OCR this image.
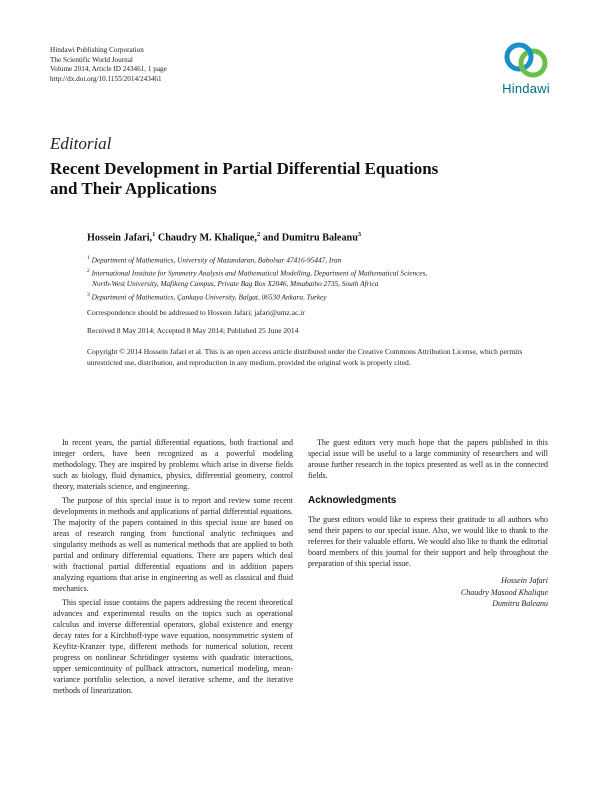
Hindawi Publishing Corporation
The Scientific World Journal
Volume 2014, Article ID 243461, 1 page
http://dx.doi.org/10.1155/2014/243461
Hindawi
Editorial
Recent Development in Partial Differential Equations
and Their Applications
Hossein Jafari,$^1$ Chaudry M. Khalique,$^2$ and Dumitru Baleanu$^3$
$^1$ Department of Mathematics, University of Mazandaran, Babolsar 47416-95447, Iran
$^2$ International Institute for Symmetry Analysis and Mathematical Modelling, Department of Mathematical Sciences,
North-West University, Mafikeng Campus, Private Bag Box X2046, Mmabatho 2735, South Africa
$^3$ Department of Mathematics, Çankaya University, Balgat, 06530 Ankara, Turkey
Correspondence should be addressed to Hossein Jafari; jafari@umz.ac.ir
Received 8 May 2014; Accepted 8 May 2014; Published 25 June 2014
Copyright © 2014 Hossein Jafari et al. This is an open access article distributed under the Creative Commons Attribution License, which permits unrestricted use, distribution, and reproduction in any medium, provided the original work is properly cited.

In recent years, the partial differential equations, both fractional and integer orders, have been recognized as a powerful modeling methodology. They are inspired by problems which arise in diverse fields such as biology, fluid dynamics, physics, differential geometry, control theory, materials science, and engineering.

The purpose of this special issue is to report and review some recent developments in methods and applications of partial differential equations. The majority of the papers contained in this special issue are based on areas of research ranging from functional analytic techniques and singularity methods as well as numerical methods that are applied to both partial and ordinary differential equations. There are papers which deal with fractional partial differential equations and in addition papers analyzing equations that arise in engineering as well as classical and fluid mechanics.

This special issue contains the papers addressing the recent theoretical advances and experimental results on the topics such as operational calculus and inverse differential operators, global existence and energy decay rates for a Kirchhoff-type wave equation, nonsymmetric system of Keyfitz-Kranzer type, different methods for numerical solution, recent progress on nonlinear Schrödinger systems with quadratic interactions, upper semicontinuity of pullback attractors, numerical modeling, mean-variance portfolio selection, a novel iterative scheme, and the iterative methods of linearization.

The guest editors very much hope that the papers published in this special issue will be useful to a large community of researchers and will arouse further research in the topics presented as well as in the connected fields.

Acknowledgments

The guest editors would like to express their gratitude to all authors who send their papers to our special issue. Also, we would like to thank to the referees for their valuable efforts. We would also like to thank the editorial board members of this journal for their support and help throughout the preparation of this special issue.

Hossein Jafari
Chaudry Masood Khalique
Dumitru Baleanu
